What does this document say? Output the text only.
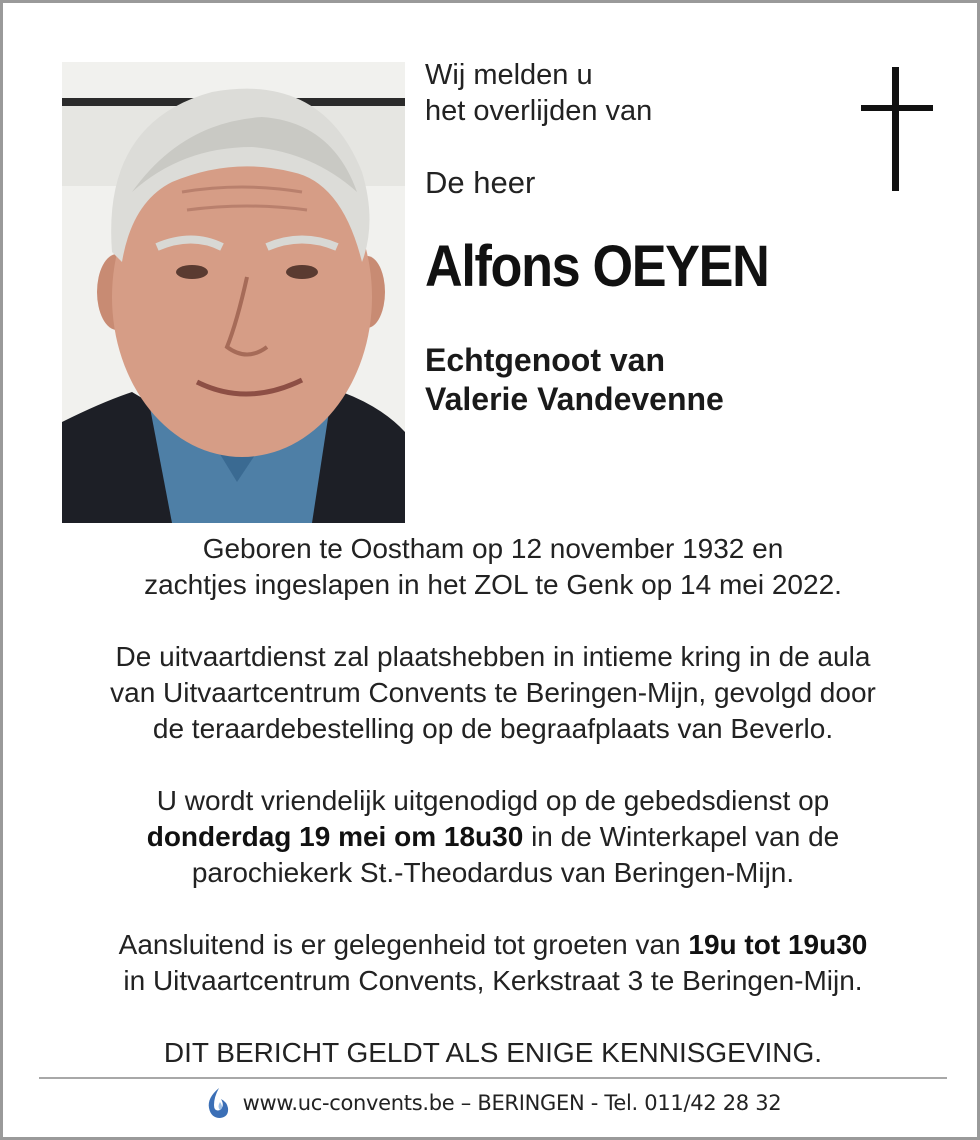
Wij melden u
het overlijden van
De heer
Alfons OEYEN
Echtgenoot van
Valerie Vandevenne

Geboren te Oostham op 12 november 1932 en
zachtjes ingeslapen in het ZOL te Genk op 14 mei 2022.

De uitvaartdienst zal plaatshebben in intieme kring in de aula
van Uitvaartcentrum Convents te Beringen-Mijn, gevolgd door
de teraardebestelling op de begraafplaats van Beverlo.

U wordt vriendelijk uitgenodigd op de gebedsdienst op
donderdag 19 mei om 18u30 in de Winterkapel van de
parochiekerk St.-Theodardus van Beringen-Mijn.

Aansluitend is er gelegenheid tot groeten van 19u tot 19u30
in Uitvaartcentrum Convents, Kerkstraat 3 te Beringen-Mijn.

DIT BERICHT GELDT ALS ENIGE KENNISGEVING.

www.uc-convents.be – BERINGEN - Tel. 011/42 28 32
